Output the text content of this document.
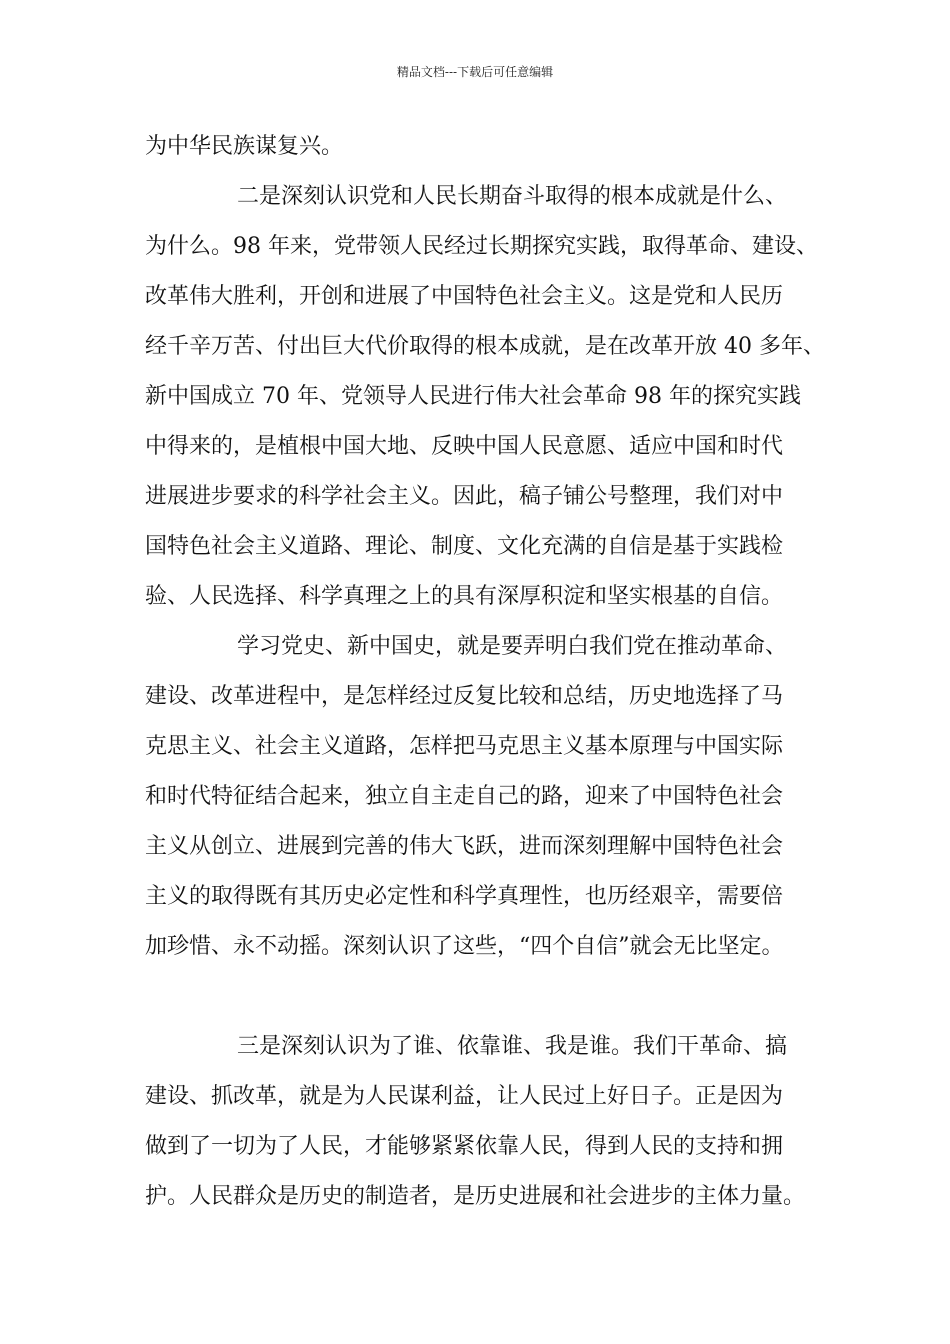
精品文档---下载后可任意编辑
为中华民族谋复兴。
二是深刻认识党和人民长期奋斗取得的根本成就是什么、
为什么。98 年来，党带领人民经过长期探究实践，取得革命、建设、
改革伟大胜利，开创和进展了中国特色社会主义。这是党和人民历
经千辛万苦、付出巨大代价取得的根本成就，是在改革开放 40 多年、
新中国成立 70 年、党领导人民进行伟大社会革命 98 年的探究实践
中得来的，是植根中国大地、反映中国人民意愿、适应中国和时代
进展进步要求的科学社会主义。因此，稿子铺公号整理，我们对中
国特色社会主义道路、理论、制度、文化充满的自信是基于实践检
验、人民选择、科学真理之上的具有深厚积淀和坚实根基的自信。
学习党史、新中国史，就是要弄明白我们党在推动革命、
建设、改革进程中，是怎样经过反复比较和总结，历史地选择了马
克思主义、社会主义道路，怎样把马克思主义基本原理与中国实际
和时代特征结合起来，独立自主走自己的路，迎来了中国特色社会
主义从创立、进展到完善的伟大飞跃，进而深刻理解中国特色社会
主义的取得既有其历史必定性和科学真理性，也历经艰辛，需要倍
加珍惜、永不动摇。深刻认识了这些，“四个自信”就会无比坚定。
三是深刻认识为了谁、依靠谁、我是谁。我们干革命、搞
建设、抓改革，就是为人民谋利益，让人民过上好日子。正是因为
做到了一切为了人民，才能够紧紧依靠人民，得到人民的支持和拥
护。人民群众是历史的制造者，是历史进展和社会进步的主体力量。
